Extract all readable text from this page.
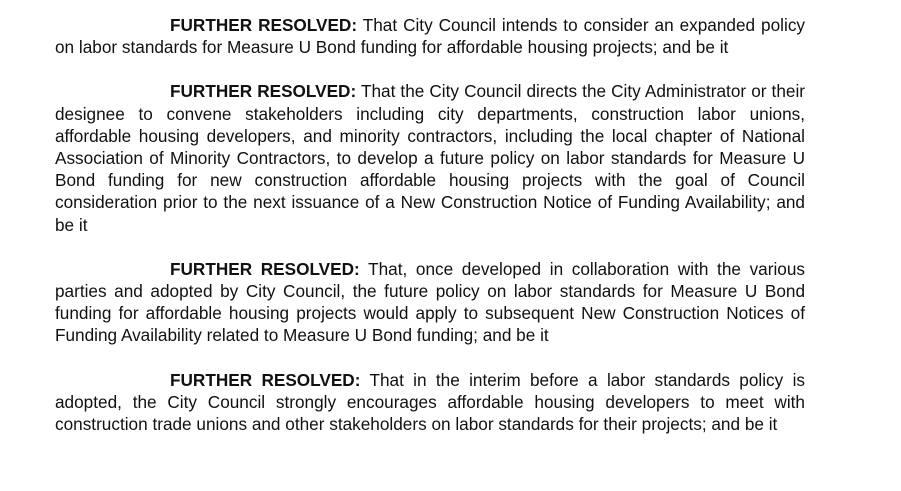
FURTHER RESOLVED: That City Council intends to consider an expanded policy on labor standards for Measure U Bond funding for affordable housing projects; and be it

FURTHER RESOLVED: That the City Council directs the City Administrator or their designee to convene stakeholders including city departments, construction labor unions, affordable housing developers, and minority contractors, including the local chapter of National Association of Minority Contractors, to develop a future policy on labor standards for Measure U Bond funding for new construction affordable housing projects with the goal of Council consideration prior to the next issuance of a New Construction Notice of Funding Availability; and be it

FURTHER RESOLVED: That, once developed in collaboration with the various parties and adopted by City Council, the future policy on labor standards for Measure U Bond funding for affordable housing projects would apply to subsequent New Construction Notices of Funding Availability related to Measure U Bond funding; and be it

FURTHER RESOLVED: That in the interim before a labor standards policy is adopted, the City Council strongly encourages affordable housing developers to meet with construction trade unions and other stakeholders on labor standards for their projects; and be it
